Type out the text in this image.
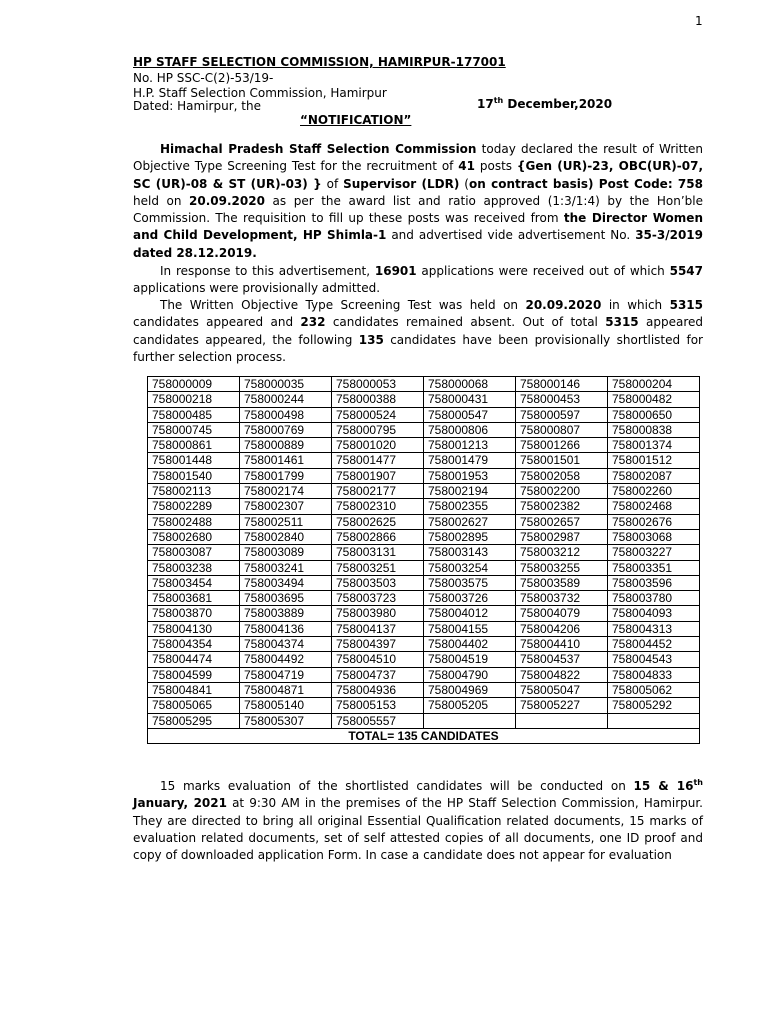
1
HP STAFF SELECTION COMMISSION, HAMIRPUR-177001
No. HP SSC-C(2)-53/19-
H.P. Staff Selection Commission, Hamirpur
Dated: Hamirpur, the	17th December,2020
“NOTIFICATION”
Himachal Pradesh Staff Selection Commission today declared the result of Written Objective Type Screening Test for the recruitment of 41 posts {Gen (UR)-23, OBC(UR)-07, SC (UR)-08 & ST (UR)-03) } of Supervisor (LDR) (on contract basis) Post Code: 758 held on 20.09.2020 as per the award list and ratio approved (1:3/1:4) by the Hon’ble Commission. The requisition to fill up these posts was received from the Director Women and Child Development, HP Shimla-1 and advertised vide advertisement No. 35-3/2019 dated 28.12.2019.
In response to this advertisement, 16901 applications were received out of which 5547 applications were provisionally admitted.
The Written Objective Type Screening Test was held on 20.09.2020 in which 5315 candidates appeared and 232 candidates remained absent. Out of total 5315 appeared candidates appeared, the following 135 candidates have been provisionally shortlisted for further selection process.
758000009	758000035	758000053	758000068	758000146	758000204
758000218	758000244	758000388	758000431	758000453	758000482
758000485	758000498	758000524	758000547	758000597	758000650
758000745	758000769	758000795	758000806	758000807	758000838
758000861	758000889	758001020	758001213	758001266	758001374
758001448	758001461	758001477	758001479	758001501	758001512
758001540	758001799	758001907	758001953	758002058	758002087
758002113	758002174	758002177	758002194	758002200	758002260
758002289	758002307	758002310	758002355	758002382	758002468
758002488	758002511	758002625	758002627	758002657	758002676
758002680	758002840	758002866	758002895	758002987	758003068
758003087	758003089	758003131	758003143	758003212	758003227
758003238	758003241	758003251	758003254	758003255	758003351
758003454	758003494	758003503	758003575	758003589	758003596
758003681	758003695	758003723	758003726	758003732	758003780
758003870	758003889	758003980	758004012	758004079	758004093
758004130	758004136	758004137	758004155	758004206	758004313
758004354	758004374	758004397	758004402	758004410	758004452
758004474	758004492	758004510	758004519	758004537	758004543
758004599	758004719	758004737	758004790	758004822	758004833
758004841	758004871	758004936	758004969	758005047	758005062
758005065	758005140	758005153	758005205	758005227	758005292
758005295	758005307	758005557			
TOTAL= 135 CANDIDATES					
15 marks evaluation of the shortlisted candidates will be conducted on 15 & 16th January, 2021 at 9:30 AM in the premises of the HP Staff Selection Commission, Hamirpur. They are directed to bring all original Essential Qualification related documents, 15 marks of evaluation related documents, set of self attested copies of all documents, one ID proof and copy of downloaded application Form. In case a candidate does not appear for evaluation
